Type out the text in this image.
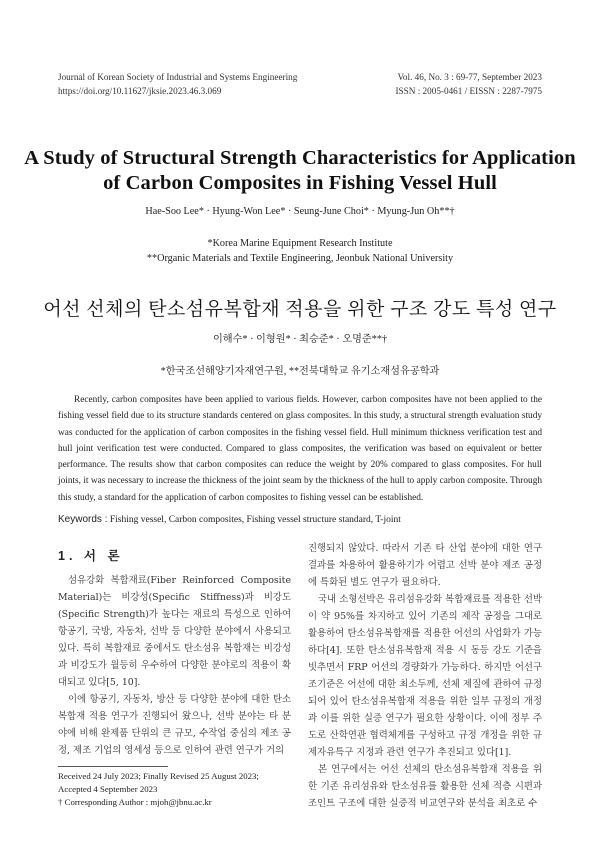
Journal of Korean Society of Industrial and Systems Engineering
https://doi.org/10.11627/jksie.2023.46.3.069
Vol. 46, No. 3 : 69-77, September 2023
ISSN : 2005-0461 / EISSN : 2287-7975
A Study of Structural Strength Characteristics for Application
of Carbon Composites in Fishing Vessel Hull
Hae-Soo Lee* · Hyung-Won Lee* · Seung-June Choi* · Myung-Jun Oh**†
*Korea Marine Equipment Research Institute
**Organic Materials and Textile Engineering, Jeonbuk National University
어선 선체의 탄소섬유복합재 적용을 위한 구조 강도 특성 연구
이해수* · 이형원* · 최승준* · 오명준**†
*한국조선해양기자재연구원, **전북대학교 유기소재섬유공학과
Recently, carbon composites have been applied to various fields. However, carbon composites have not been applied to the fishing vessel field due to its structure standards centered on glass composites. In this study, a structural strength evaluation study was conducted for the application of carbon composites in the fishing vessel field. Hull minimum thickness verification test and hull joint verification test were conducted. Compared to glass composites, the verification was based on equivalent or better performance. The results show that carbon composites can reduce the weight by 20% compared to glass composites. For hull joints, it was necessary to increase the thickness of the joint seam by the thickness of the hull to apply carbon composite. Through this study, a standard for the application of carbon composites to fishing vessel can be established.
Keywords : Fishing vessel, Carbon composites, Fishing vessel structure standard, T-joint
1. 서 론

섬유강화 복합재료(Fiber Reinforced Composite Material)는 비강성(Specific Stiffness)과 비강도(Specific Strength)가 높다는 재료의 특성으로 인하여 항공기, 국방, 자동차, 선박 등 다양한 분야에서 사용되고 있다. 특히 복합재료 중에서도 탄소섬유 복합재는 비강성과 비강도가 월등히 우수하여 다양한 분야로의 적용이 확대되고 있다[5, 10].

이에 항공기, 자동차, 방산 등 다양한 분야에 대한 탄소복합재 적용 연구가 진행되어 왔으나, 선박 분야는 타 분야에 비해 완제품 단위의 큰 규모, 수작업 중심의 제조 공정, 제조 기업의 영세성 등으로 인하여 관련 연구가 거의

진행되지 않았다. 따라서 기존 타 산업 분야에 대한 연구결과를 차용하여 활용하기가 어렵고 선박 분야 제조 공정에 특화된 별도 연구가 필요하다.

국내 소형선박은 유리섬유강화 복합재료를 적용한 선박이 약 95%를 차지하고 있어 기존의 제작 공정을 그대로 활용하여 탄소섬유복합재를 적용한 어선의 사업화가 가능하다[4]. 또한 탄소섬유복합재 적용 시 동등 강도 기준을 빗추면서 FRP 어선의 경량화가 가능하다. 하지만 어선구조기준은 어선에 대한 최소두께, 선체 제질에 관하여 규정되어 있어 탄소섬유복합재 적용을 위한 일부 규정의 개정과 이를 위한 실증 연구가 필요한 상황이다. 이에 정부 주도로 산학연관 협력체계를 구성하고 규정 개정을 위한 규제자유특구 지정과 관련 연구가 추진되고 있다[1].

본 연구에서는 어선 선체의 탄소섬유복합재 적용을 위한 기존 유리섬유와 탄소섬유를 활용한 선체 적층 시편과 조인트 구조에 대한 실증적 비교연구와 분석을 최초로 수

Received 24 July 2023; Finally Revised 25 August 2023;
Accepted 4 September 2023
† Corresponding Author : mjoh@jbnu.ac.kr
